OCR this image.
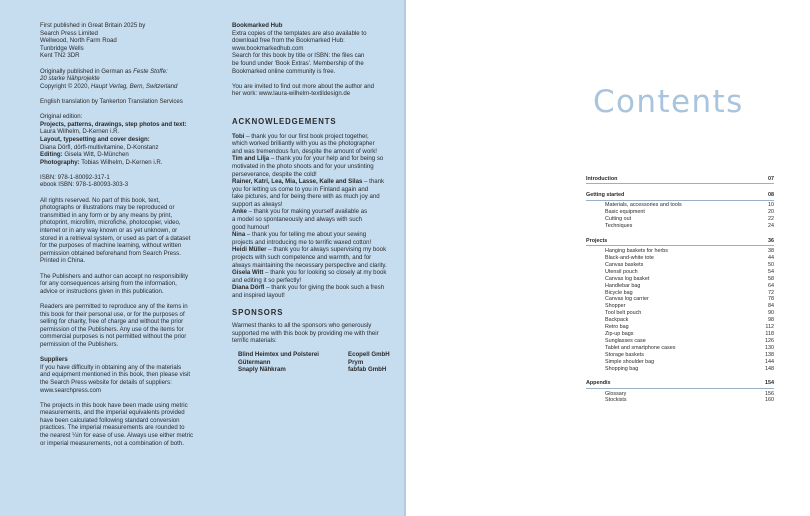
First published in Great Britain 2025 by
Search Press Limited
Wellwood, North Farm Road
Tunbridge Wells
Kent TN2 3DR
Originally published in German as Feste Stoffe:
20 starke Nähprojekte
Copyright © 2020, Haupt Verlag, Bern, Switzerland
English translation by Tankerton Translation Services
Original edition:
Projects, patterns, drawings, step photos and text:
Laura Wilhelm, D-Kernen i.R.
Layout, typesetting and cover design:
Diana Dörfl, dörfl-multivitamine, D-Konstanz
Editing: Gisela Witt, D-München
Photography: Tobias Wilhelm, D-Kernen i.R.
ISBN: 978-1-80092-317-1
ebook ISBN: 978-1-80093-303-3
All rights reserved. No part of this book, text,
photographs or illustrations may be reproduced or
transmitted in any form or by any means by print,
photoprint, microfilm, microfiche, photocopier, video,
internet or in any way known or as yet unknown, or
stored in a retrieval system, or used as part of a dataset
for the purposes of machine learning, without written
permission obtained beforehand from Search Press.
Printed in China.
The Publishers and author can accept no responsibility
for any consequences arising from the information,
advice or instructions given in this publication.
Readers are permitted to reproduce any of the items in
this book for their personal use, or for the purposes of
selling for charity, free of charge and without the prior
permission of the Publishers. Any use of the items for
commercial purposes is not permitted without the prior
permission of the Publishers.
Suppliers
If you have difficulty in obtaining any of the materials
and equipment mentioned in this book, then please visit
the Search Press website for details of suppliers:
www.searchpress.com
The projects in this book have been made using metric
measurements, and the imperial equivalents provided
have been calculated following standard conversion
practices. The imperial measurements are rounded to
the nearest ¼in for ease of use. Always use either metric
or imperial measurements, not a combination of both.
Bookmarked Hub
Extra copies of the templates are also available to
download free from the Bookmarked Hub:
www.bookmarkedhub.com
Search for this book by title or ISBN: the files can
be found under 'Book Extras'. Membership of the
Bookmarked online community is free.
You are invited to find out more about the author and
her work: www.laura-wilhelm-textildesign.de
ACKNOWLEDGEMENTS
Tobi – thank you for our first book project together,
which worked brilliantly with you as the photographer
and was tremendous fun, despite the amount of work!
Tim and Lilja – thank you for your help and for being so
motivated in the photo shoots and for your unstinting
perseverance, despite the cold!
Rainer, Katri, Lea, Mia, Lasse, Kalle and Silas – thank
you for letting us come to you in Finland again and
take pictures, and for being there with as much joy and
support as always!
Anke – thank you for making yourself available as
a model so spontaneously and always with such
good humour!
Nina – thank you for telling me about your sewing
projects and introducing me to terrific waxed cotton!
Heidi Müller – thank you for always supervising my book
projects with such competence and warmth, and for
always maintaining the necessary perspective and clarity.
Gisela Witt – thank you for looking so closely at my book
and editing it so perfectly!
Diana Dörfl – thank you for giving the book such a fresh
and inspired layout!
SPONSORS
Warmest thanks to all the sponsors who generously
supported me with this book by providing me with their
terrific materials:
Blind Heimtex und Polsterei	Ecopell GmbH
Gütermann	Prym
Snaply Nähkram	fabfab GmbH
Contents
Introduction	07
Getting started	08
Materials, accessories and tools	10
Basic equipment	20
Cutting out	22
Techniques	24
Projects	36
Hanging baskets for herbs	38
Black-and-white tote	44
Canvas baskets	50
Utensil pouch	54
Canvas log basket	58
Handlebar bag	64
Bicycle bag	72
Canvas log carrier	78
Shopper	84
Tool belt pouch	90
Backpack	98
Retro bag	112
Zip-up bags	118
Sunglasses case	126
Tablet and smartphone cases	130
Storage baskets	138
Simple shoulder bag	144
Shopping bag	148
Appendix	154
Glossary	156
Stockists	160
